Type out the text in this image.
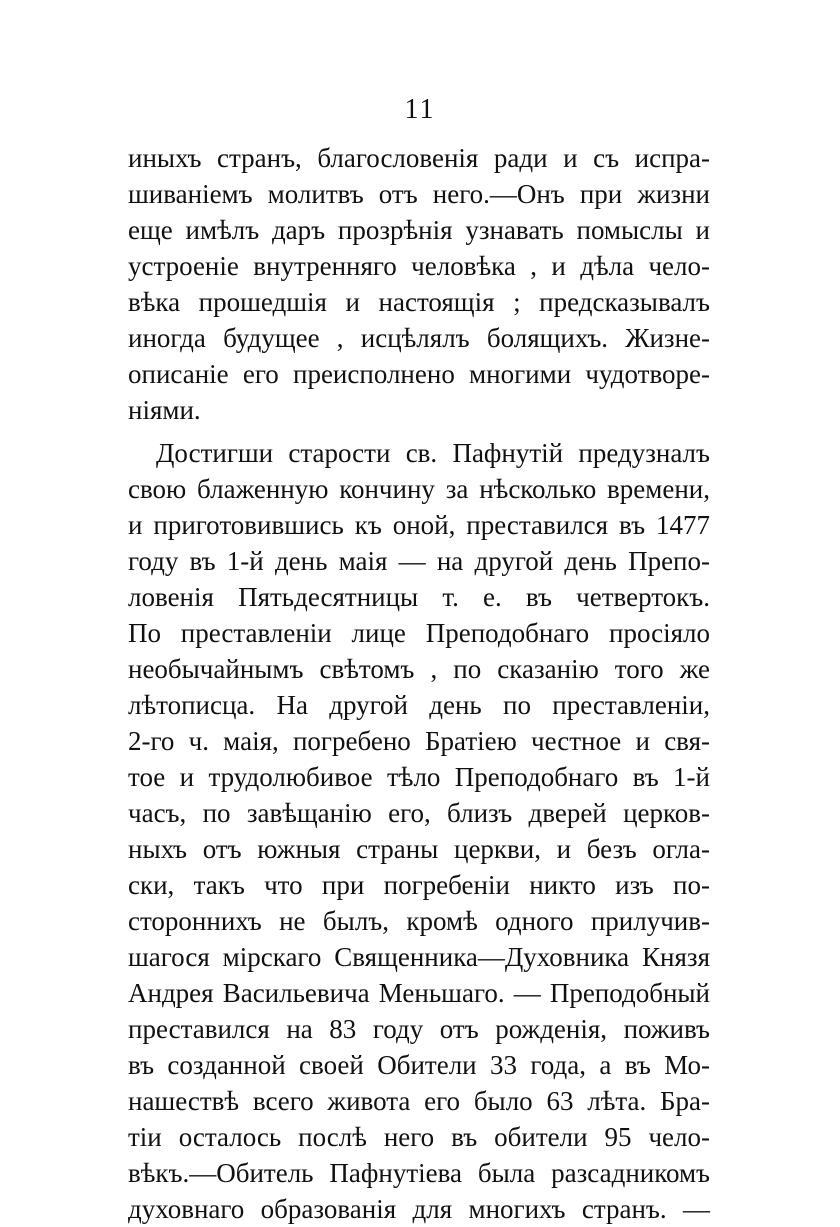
11
иныхъ странъ, благословенія ради и съ испра-
шиваніемъ молитвъ отъ него.—Онъ при жизни
еще имѣлъ даръ прозрѣнія узнавать помыслы и
устроеніе внутренняго человѣка , и дѣла чело-
вѣка прошедшія и настоящія ; предсказывалъ
иногда будущее , исцѣлялъ болящихъ. Жизне-
описаніе его преисполнено многими чудотворе-
ніями.
Достигши старости св. Пафнутій предузналъ
свою блаженную кончину за нѣсколько времени,
и приготовившись къ оной, преставился въ 1477
году въ 1-й день маія — на другой день Препо-
ловенія Пятьдесятницы т. е. въ четвертокъ.
По преставленіи лице Преподобнаго просіяло
необычайнымъ свѣтомъ , по сказанію того же
лѣтописца. На другой день по преставленіи,
2-го ч. маія, погребено Братіею честное и свя-
тое и трудолюбивое тѣло Преподобнаго въ 1-й
часъ, по завѣщанію его, близъ дверей церков-
ныхъ отъ южныя страны церкви, и безъ огла-
ски, такъ что при погребеніи никто изъ по-
стороннихъ не былъ, кромѣ одного прилучив-
шагося мірскаго Священника—Духовника Князя
Андрея Васильевича Меньшаго. — Преподобный
преставился на 83 году отъ рожденія, поживъ
въ созданной своей Обители 33 года, а въ Мо-
нашествѣ всего живота его было 63 лѣта. Бра-
тіи осталось послѣ него въ обители 95 чело-
вѣкъ.—Обитель Пафнутіева была разсадникомъ
духовнаго образованія для многихъ странъ. —
